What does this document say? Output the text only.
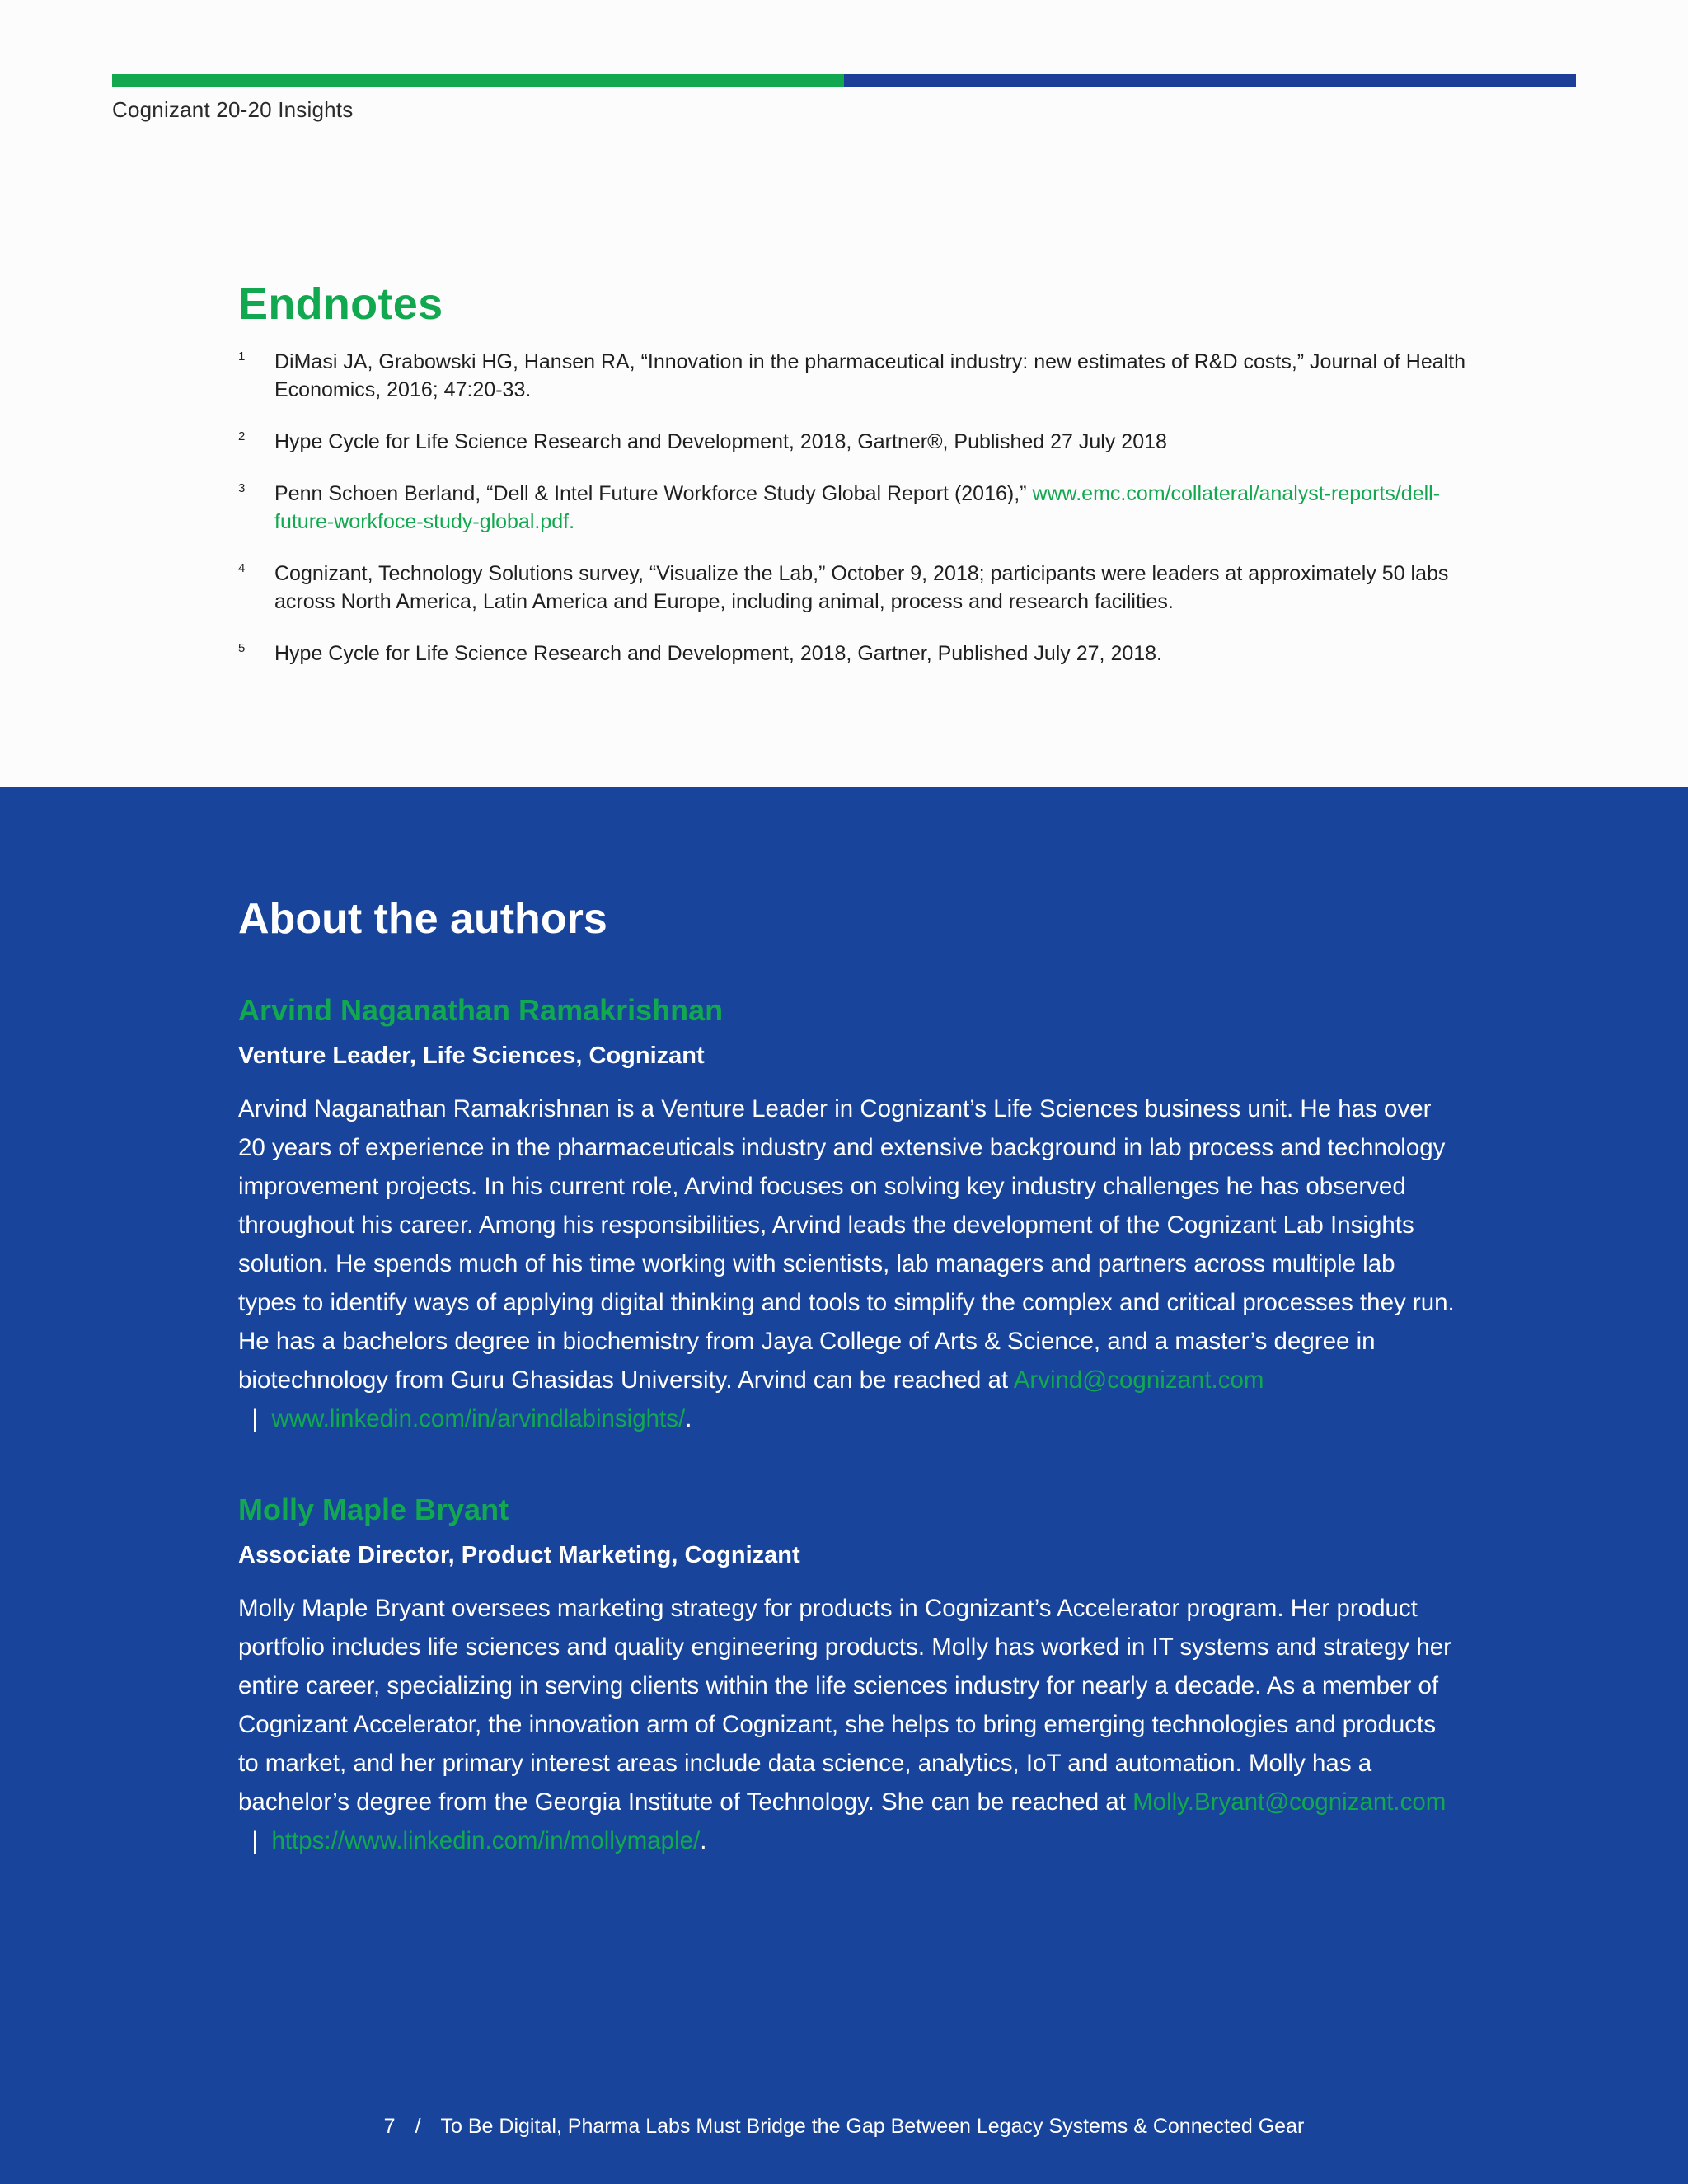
Cognizant 20-20 Insights
Endnotes
1	DiMasi JA, Grabowski HG, Hansen RA, “Innovation in the pharmaceutical industry: new estimates of R&D costs,” Journal of Health Economics, 2016; 47:20-33.
2	Hype Cycle for Life Science Research and Development, 2018, Gartner®, Published 27 July 2018
3	Penn Schoen Berland, “Dell & Intel Future Workforce Study Global Report (2016),” www.emc.com/collateral/analyst-reports/dell-future-workfoce-study-global.pdf.
4	Cognizant, Technology Solutions survey, “Visualize the Lab,” October 9, 2018; participants were leaders at approximately 50 labs across North America, Latin America and Europe, including animal, process and research facilities.
5	Hype Cycle for Life Science Research and Development, 2018, Gartner, Published July 27, 2018.
About the authors
Arvind Naganathan Ramakrishnan
Venture Leader, Life Sciences, Cognizant

Arvind Naganathan Ramakrishnan is a Venture Leader in Cognizant’s Life Sciences business unit. He has over 20 years of experience in the pharmaceuticals industry and extensive background in lab process and technology improvement projects. In his current role, Arvind focuses on solving key industry challenges he has observed throughout his career. Among his responsibilities, Arvind leads the development of the Cognizant Lab Insights solution. He spends much of his time working with scientists, lab managers and partners across multiple lab types to identify ways of applying digital thinking and tools to simplify the complex and critical processes they run. He has a bachelors degree in biochemistry from Jaya College of Arts & Science, and a master’s degree in biotechnology from Guru Ghasidas University. Arvind can be reached at Arvind@cognizant.com  |  www.linkedin.com/in/arvindlabinsights/.

Molly Maple Bryant
Associate Director, Product Marketing, Cognizant

Molly Maple Bryant oversees marketing strategy for products in Cognizant’s Accelerator program. Her product portfolio includes life sciences and quality engineering products. Molly has worked in IT systems and strategy her entire career, specializing in serving clients within the life sciences industry for nearly a decade. As a member of Cognizant Accelerator, the innovation arm of Cognizant, she helps to bring emerging technologies and products to market, and her primary interest areas include data science, analytics, IoT and automation. Molly has a bachelor’s degree from the Georgia Institute of Technology. She can be reached at Molly.Bryant@cognizant.com  |  https://www.linkedin.com/in/mollymaple/.

7 / To Be Digital, Pharma Labs Must Bridge the Gap Between Legacy Systems & Connected Gear
